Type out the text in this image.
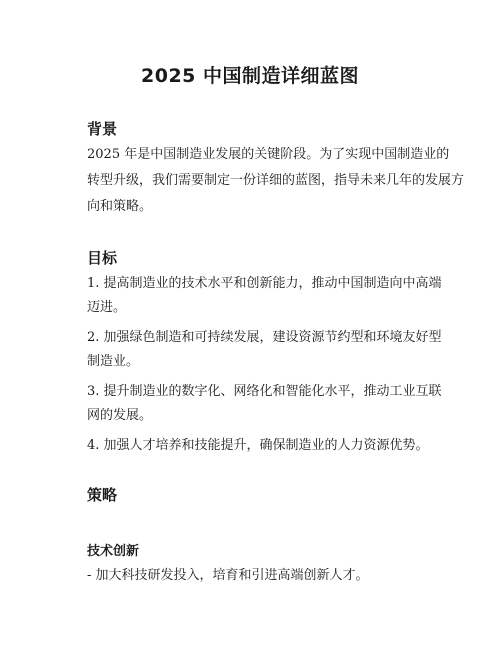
2025 中国制造详细蓝图
背景

2025 年是中国制造业发展的关键阶段。为了实现中国制造业的
转型升级，我们需要制定一份详细的蓝图，指导未来几年的发展方
向和策略。

目标
1. 提高制造业的技术水平和创新能力，推动中国制造向中高端
迈进。
2. 加强绿色制造和可持续发展，建设资源节约型和环境友好型
制造业。
3. 提升制造业的数字化、网络化和智能化水平，推动工业互联
网的发展。
4. 加强人才培养和技能提升，确保制造业的人力资源优势。
策略
技术创新

- 加大科技研发投入，培育和引进高端创新人才。
